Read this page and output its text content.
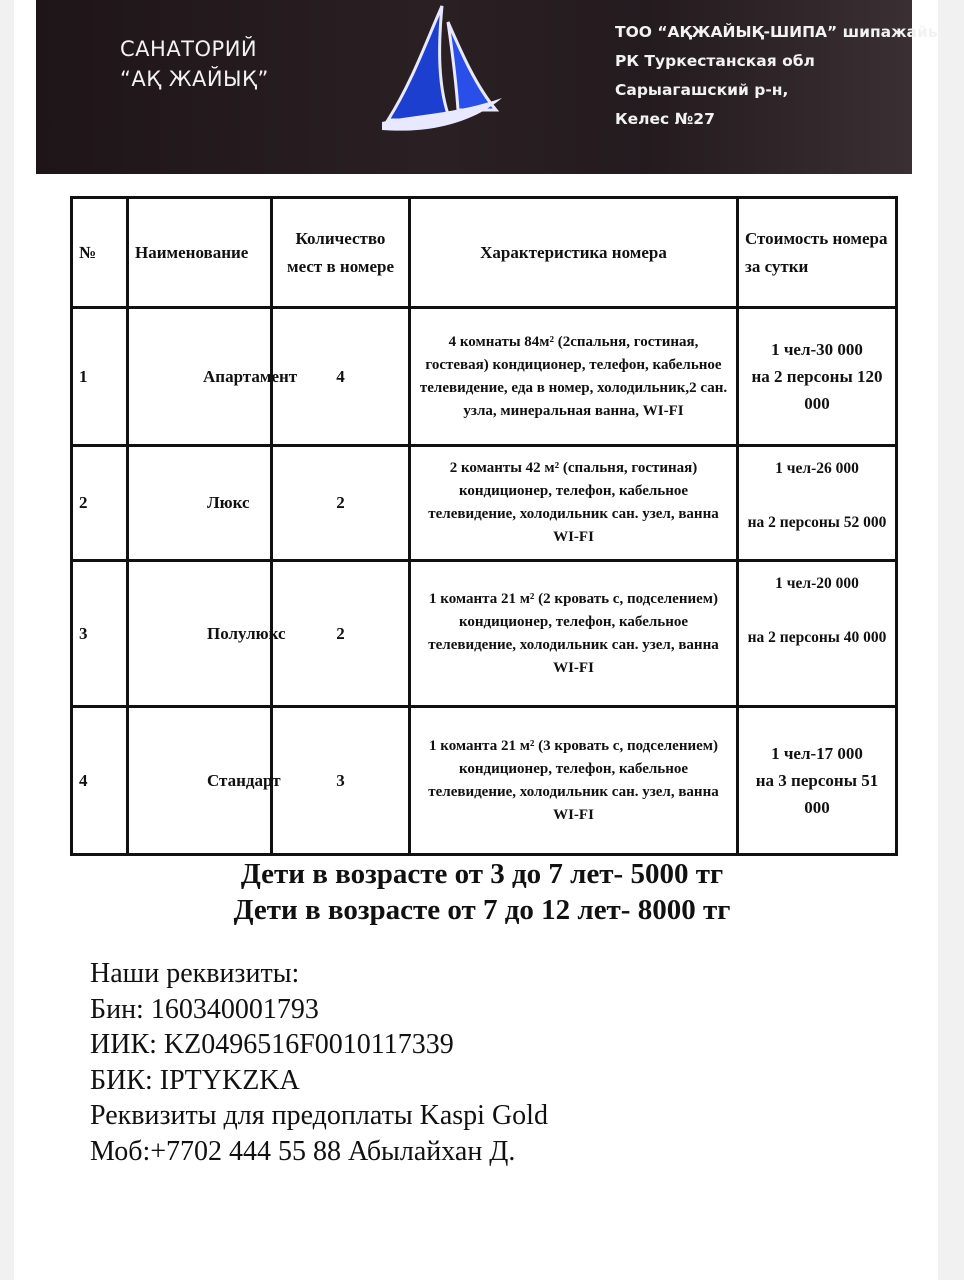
САНАТОРИЙ
“АҚ ЖАЙЫҚ”
ТОО “АҚЖАЙЫҚ-ШИПА” шипажайы
РК Туркестанская обл
Сарыагашский р-н,
Келес №27
№	Наименование	Количество мест в номере	Характеристика номера	Стоимость номера за сутки
1	Апартамент	4	4 комнаты 84м² (2спальня, гостиная, гостевая) кондиционер, телефон, кабельное телевидение, еда в номер, холодильник,2 сан. узла, минеральная ванна, WI-FI	1 чел-30 000
на 2 персоны 120 000

2	Люкс	2	2 команты 42 м² (спальня, гостиная) кондиционер, телефон, кабельное телевидение, холодильник сан. узел, ванна WI-FI	1 чел-26 000
на 2 персоны 52 000

3	Полулюкс	2	1 команта 21 м² (2 кровать с, подселением) кондиционер, телефон, кабельное телевидение, холодильник сан. узел, ванна WI-FI	1 чел-20 000
на 2 персоны 40 000

4	Стандарт	3	1 команта 21 м² (3 кровать с, подселением) кондиционер, телефон, кабельное телевидение, холодильник сан. узел, ванна WI-FI	1 чел-17 000
на 3 персоны 51 000
Дети в возрасте от 3 до 7 лет- 5000 тг
Дети в возрасте от 7 до 12 лет- 8000 тг
Наши реквизиты:
Бин: 160340001793
ИИК: KZ0496516F0010117339
БИК: IPTYKZKA
Реквизиты для предоплаты Kaspi Gold
Моб:+7702 444 55 88 Абылайхан Д.
